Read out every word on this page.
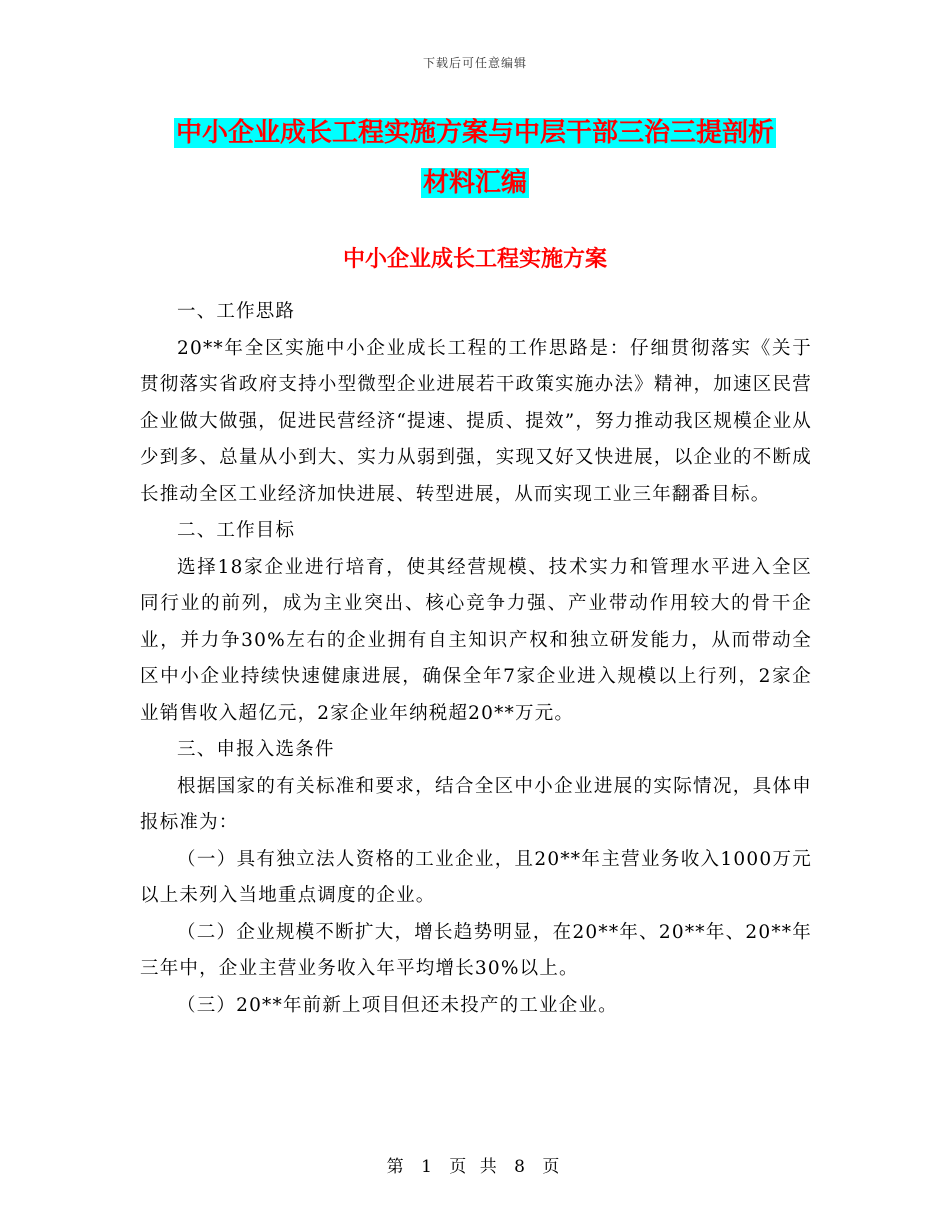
下载后可任意编辑
中小企业成长工程实施方案与中层干部三治三提剖析
材料汇编
中小企业成长工程实施方案

一、工作思路

20**年全区实施中小企业成长工程的工作思路是：仔细贯彻落实《关于贯彻落实省政府支持小型微型企业进展若干政策实施办法》精神，加速区民营企业做大做强，促进民营经济“提速、提质、提效”，努力推动我区规模企业从少到多、总量从小到大、实力从弱到强，实现又好又快进展，以企业的不断成长推动全区工业经济加快进展、转型进展，从而实现工业三年翻番目标。

二、工作目标

选择18家企业进行培育，使其经营规模、技术实力和管理水平进入全区同行业的前列，成为主业突出、核心竞争力强、产业带动作用较大的骨干企业，并力争30%左右的企业拥有自主知识产权和独立研发能力，从而带动全区中小企业持续快速健康进展，确保全年7家企业进入规模以上行列，2家企业销售收入超亿元，2家企业年纳税超20**万元。

三、申报入选条件

根据国家的有关标准和要求，结合全区中小企业进展的实际情况，具体申报标准为：

（一）具有独立法人资格的工业企业，且20**年主营业务收入1000万元以上未列入当地重点调度的企业。

（二）企业规模不断扩大，增长趋势明显，在20**年、20**年、20**年三年中，企业主营业务收入年平均增长30%以上。

（三）20**年前新上项目但还未投产的工业企业。

第 1 页 共 8 页
